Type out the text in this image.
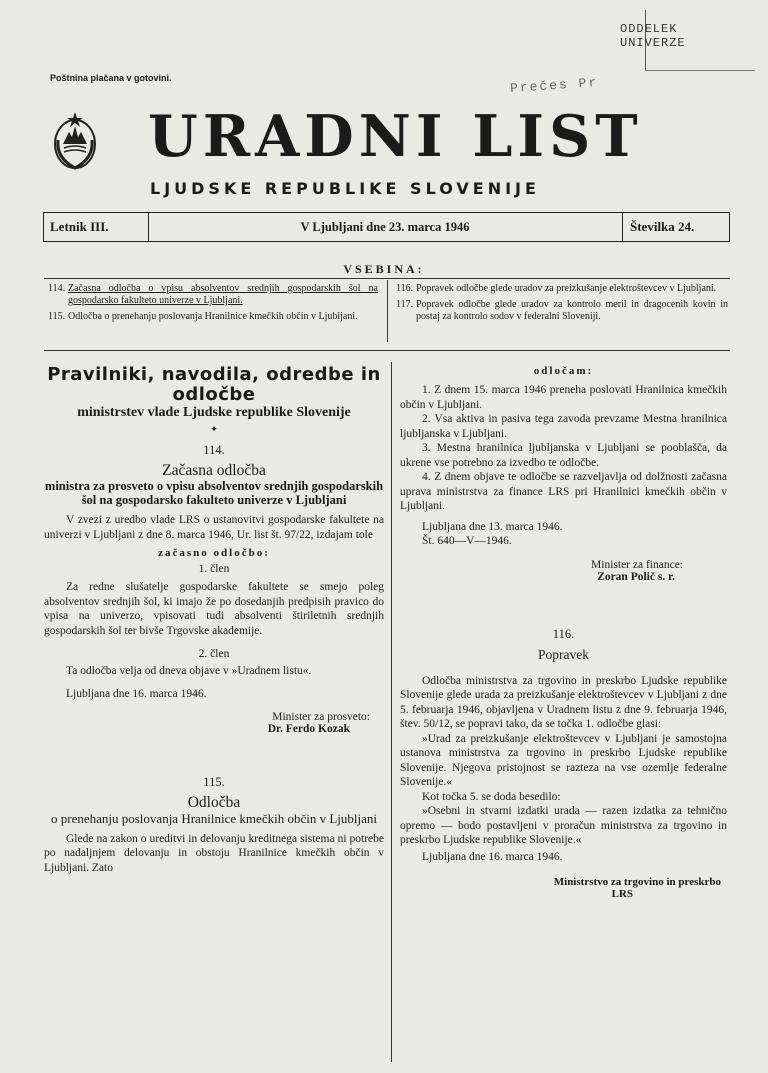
Poštnina plačana v gotovini.
ODDELEK
UNIVERZE
Prečes Pr
URADNI LIST
LJUDSKE REPUBLIKE SLOVENIJE
Letnik III.	V Ljubljani dne 23. marca 1946	Številka 24.
VSEBINA:
114. Začasna odločba o vpisu absolventov srednjih gospodarskih šol na gospodarsko fakulteto univerze v Ljubljani.
115. Odločba o prenehanju poslovanja Hranilnice kmečkih občin v Ljubljani.
116. Popravek odločbe glede uradov za preizkušanje elektroštevcev v Ljubljani.
117. Popravek odločbe glede uradov za kontrolo meril in dragocenih kovin in postaj za kontrolo sodov v federalni Sloveniji.
Pravilniki, navodila, odredbe in odločbe
ministrstev vlade Ljudske republike Slovenije
✦
114.
Začasna odločba
ministra za prosveto o vpisu absolventov srednjih gospodarskih šol na gospodarsko fakulteto univerze v Ljubljani

V zvezi z uredbo vlade LRS o ustanovitvi gospodarske fakultete na univerzi v Ljubljani z dne 8. marca 1946, Ur. list št. 97/22, izdajam tole

začasno odločbo:
1. člen

Za redne slušatelje gospodarske fakultete se smejo poleg absolventov srednjih šol, ki imajo že po dosedanjih predpisih pravico do vpisa na univerzo, vpisovati tudi absolventi štiriletnih srednjih gospodarskih šol ter bivše Trgovske akademije.

2. člen

Ta odločba velja od dneva objave v »Uradnem listu«.

Ljubljana dne 16. marca 1946.

Minister za prosveto:
Dr. Ferdo Kozak
115.
Odločba
o prenehanju poslovanja Hranilnice kmečkih občin v Ljubljani

Glede na zakon o ureditvi in delovanju kreditnega sistema ni potrebe po nadaljnjem delovanju in obstoju Hranilnice kmečkih občin v Ljubljani. Zato

odločam:

1. Z dnem 15. marca 1946 preneha poslovati Hranilnica kmečkih občin v Ljubljani.

2. Vsa aktiva in pasiva tega zavoda prevzame Mestna hranilnica ljubljanska v Ljubljani.

3. Mestna hranilnica ljubljanska v Ljubljani se pooblašča, da ukrene vse potrebno za izvedbo te odločbe.

4. Z dnem objave te odločbe se razveljavlja od dolžnosti začasna uprava ministrstva za finance LRS pri Hranilnici kmečkih občin v Ljubljani.

Ljubljana dne 13. marca 1946.

Št. 640—V—1946.

Minister za finance:
Zoran Polič s. r.
116.
Popravek

Odločba ministrstva za trgovino in preskrbo Ljudske republike Slovenije glede urada za preizkušanje elektroštevcev v Ljubljani z dne 5. februarja 1946, objavljena v Uradnem listu z dne 9. februarja 1946, štev. 50/12, se popravi tako, da se točka 1. odločbe glasi:

»Urad za preizkušanje elektroštevcev v Ljubljani je samostojna ustanova ministrstva za trgovino in preskrbo Ljudske republike Slovenije. Njegova pristojnost se razteza na vse ozemlje federalne Slovenije.«

Kot točka 5. se doda besedilo:

»Osebni in stvarni izdatki urada — razen izdatka za tehnično opremo — bodo postavljeni v proračun ministrstva za trgovino in preskrbo Ljudske republike Slovenije.«

Ljubljana dne 16. marca 1946.

Ministrstvo za trgovino in preskrbo
LRS
